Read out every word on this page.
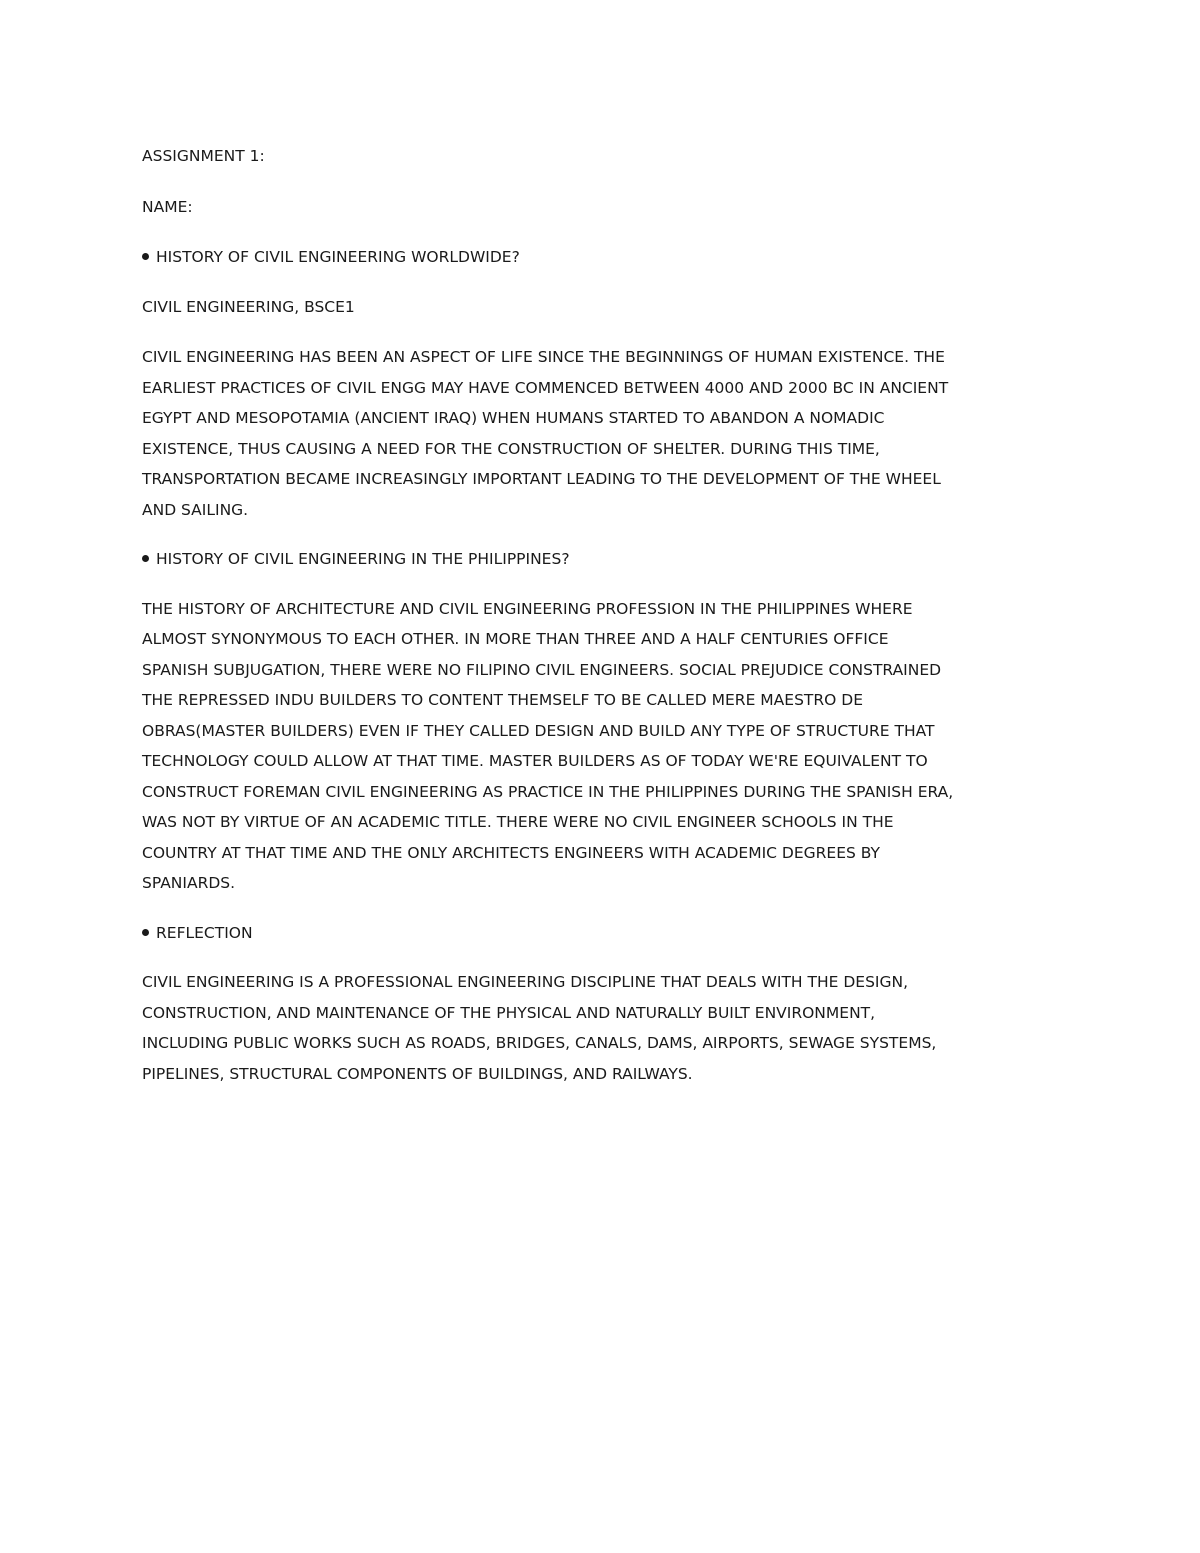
ASSIGNMENT 1:

NAME:

HISTORY OF CIVIL ENGINEERING WORLDWIDE?

CIVIL ENGINEERING, BSCE1

CIVIL ENGINEERING HAS BEEN AN ASPECT OF LIFE SINCE THE BEGINNINGS OF HUMAN EXISTENCE. THE
EARLIEST PRACTICES OF CIVIL ENGG MAY HAVE COMMENCED BETWEEN 4000 AND 2000 BC IN ANCIENT
EGYPT AND MESOPOTAMIA (ANCIENT IRAQ) WHEN HUMANS STARTED TO ABANDON A NOMADIC
EXISTENCE, THUS CAUSING A NEED FOR THE CONSTRUCTION OF SHELTER. DURING THIS TIME,
TRANSPORTATION BECAME INCREASINGLY IMPORTANT LEADING TO THE DEVELOPMENT OF THE WHEEL
AND SAILING.

HISTORY OF CIVIL ENGINEERING IN THE PHILIPPINES?

THE HISTORY OF ARCHITECTURE AND CIVIL ENGINEERING PROFESSION IN THE PHILIPPINES WHERE
ALMOST SYNONYMOUS TO EACH OTHER. IN MORE THAN THREE AND A HALF CENTURIES OFFICE
SPANISH SUBJUGATION, THERE WERE NO FILIPINO CIVIL ENGINEERS. SOCIAL PREJUDICE CONSTRAINED
THE REPRESSED INDU BUILDERS TO CONTENT THEMSELF TO BE CALLED MERE MAESTRO DE
OBRAS(MASTER BUILDERS) EVEN IF THEY CALLED DESIGN AND BUILD ANY TYPE OF STRUCTURE THAT
TECHNOLOGY COULD ALLOW AT THAT TIME. MASTER BUILDERS AS OF TODAY WE'RE EQUIVALENT TO
CONSTRUCT FOREMAN CIVIL ENGINEERING AS PRACTICE IN THE PHILIPPINES DURING THE SPANISH ERA,
WAS NOT BY VIRTUE OF AN ACADEMIC TITLE. THERE WERE NO CIVIL ENGINEER SCHOOLS IN THE
COUNTRY AT THAT TIME AND THE ONLY ARCHITECTS ENGINEERS WITH ACADEMIC DEGREES BY
SPANIARDS.

REFLECTION

CIVIL ENGINEERING IS A PROFESSIONAL ENGINEERING DISCIPLINE THAT DEALS WITH THE DESIGN,
CONSTRUCTION, AND MAINTENANCE OF THE PHYSICAL AND NATURALLY BUILT ENVIRONMENT,
INCLUDING PUBLIC WORKS SUCH AS ROADS, BRIDGES, CANALS, DAMS, AIRPORTS, SEWAGE SYSTEMS,
PIPELINES, STRUCTURAL COMPONENTS OF BUILDINGS, AND RAILWAYS.
